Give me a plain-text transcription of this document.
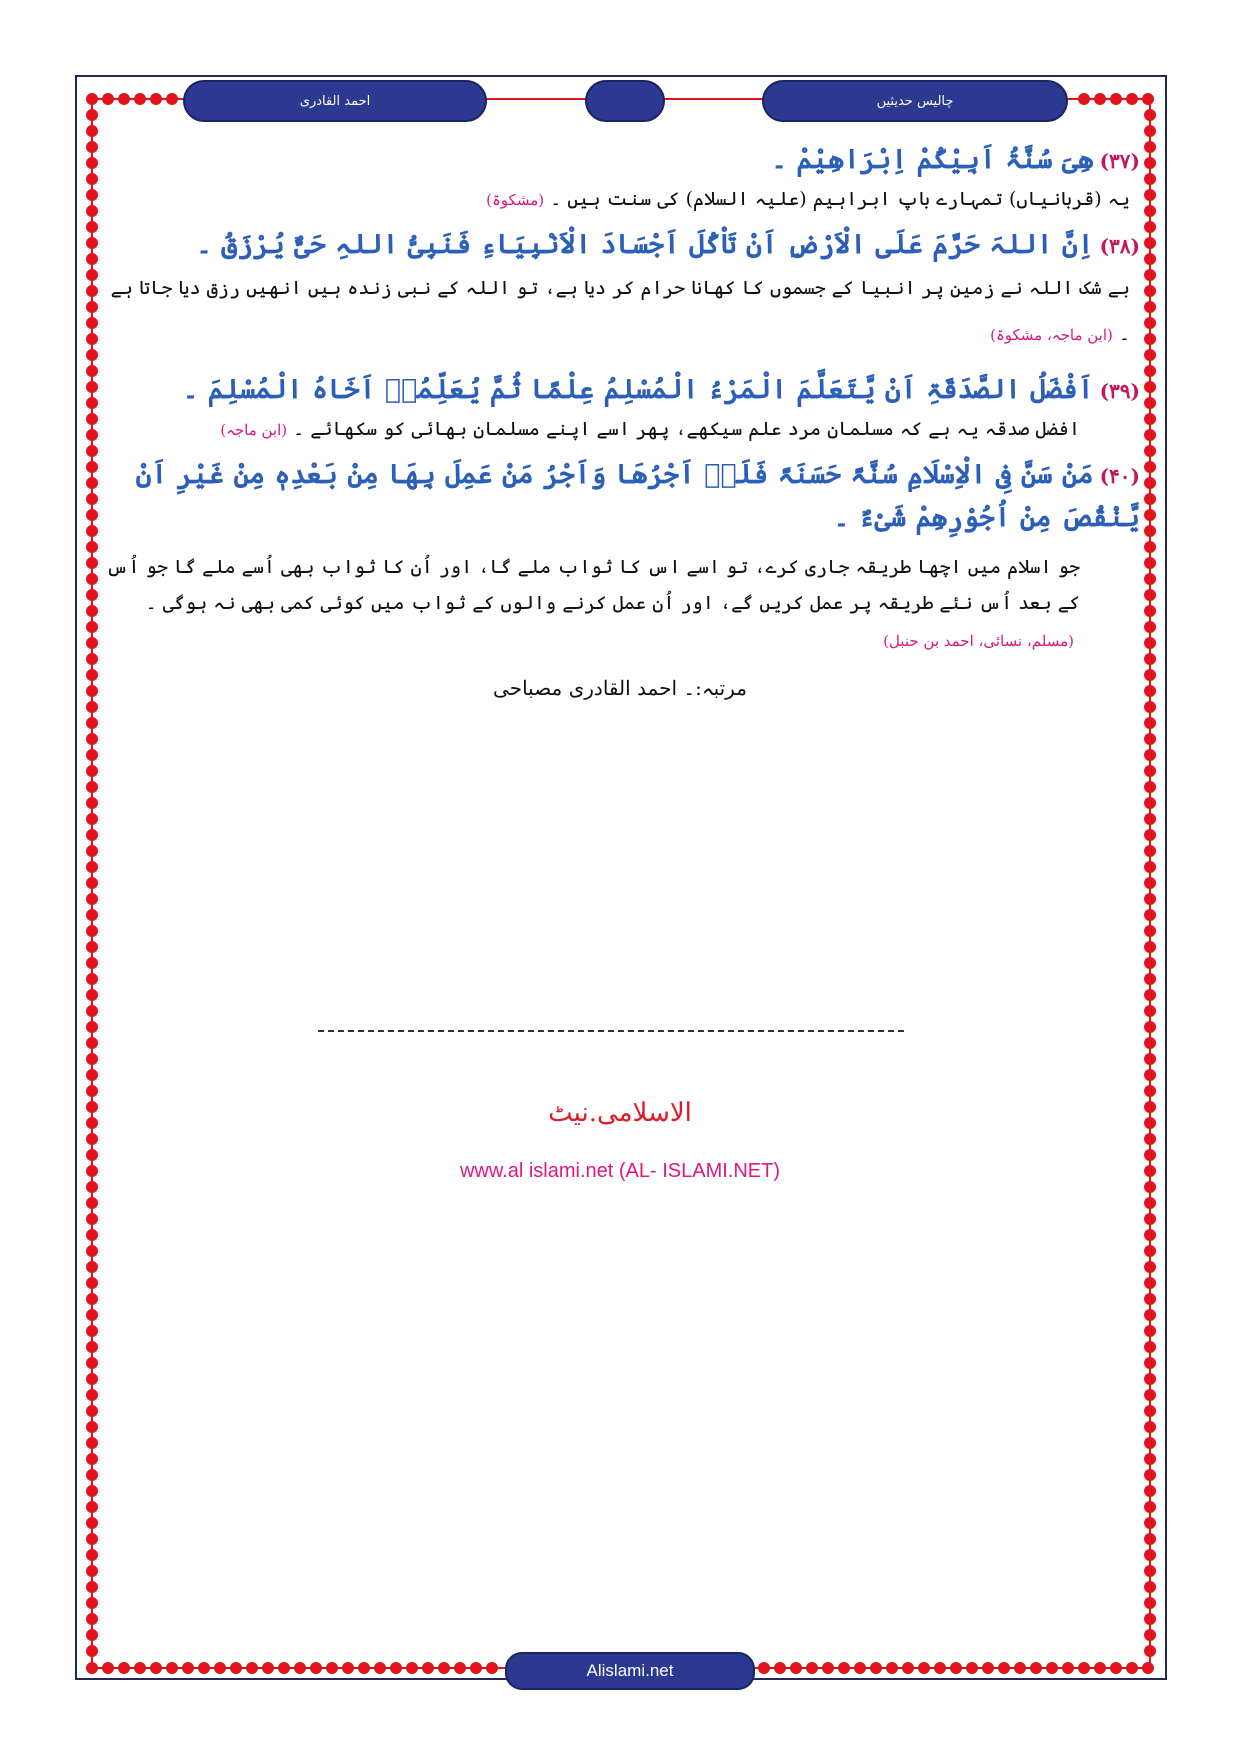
احمد القادری	چالیس حدیثیں

(۳۷)ھِیَ سُنَّۃُ اَبِیْکُمْ اِبْرَاھِیْمْ ۔

یہ (قربانیاں) تمہارے باپ ابراہیم (علیہ السلام) کی سنت ہیں ۔(مشکوۃ)

(۳۸)اِنَّ اللہَ حَرَّمَ عَلَی الْاَرْضِ اَنْ تَاْکُلَ اَجْسَادَ الْاَنْبِیَاءِ فَنَبِیُّ اللہِ حَیٌّ یُرْزَقُ ۔

بے شک اللہ نے زمین پر انبیا کے جسموں کا کھانا حرام کر دیا ہے، تو اللہ کے نبی زندہ ہیں انھیں رزق دیا جاتا ہے ۔(ابن ماجہ، مشکوۃ)

(۳۹)اَفْضَلُ الصَّدَقَۃِ اَنْ یَّتَعَلَّمَ الْمَرْءُ الْمُسْلِمُ عِلْمًا ثُمَّ یُعَلِّمُہٗ اَخَاہُ الْمُسْلِمَ ۔

افضل صدقہ یہ ہے کہ مسلمان مرد علم سیکھے، پھر اسے اپنے مسلمان بھائی کو سکھائے ۔(ابن ماجہ)

(۴۰)مَنْ سَنَّ فِی الْاِسْلَامِ سُنَّۃً حَسَنَۃً فَلَہٗ اَجْرُھَا وَاَجْرُ مَنْ عَمِلَ بِھَا مِنْ بَعْدِہٖ مِنْ غَیْرِ اَنْ یَّنْقُصَ مِنْ اُجُوْرِھِمْ شَیْءٌ ۔

جو اسلام میں اچھا طریقہ جاری کرے، تو اسے اس کا ثواب ملے گا، اور اُن کا ثواب بھی اُسے ملے گا جو اُس کے بعد اُس نئے طریقہ پر عمل کریں گے، اور اُن عمل کرنے والوں کے ثواب میں کوئی کمی بھی نہ ہوگی ۔(مسلم، نسائی، احمد بن حنبل)

مرتبہ:۔ احمد القادری مصباحی

الاسلامی.نیٹ
www.al islami.net (AL- ISLAMI.NET)
Alislami.net
